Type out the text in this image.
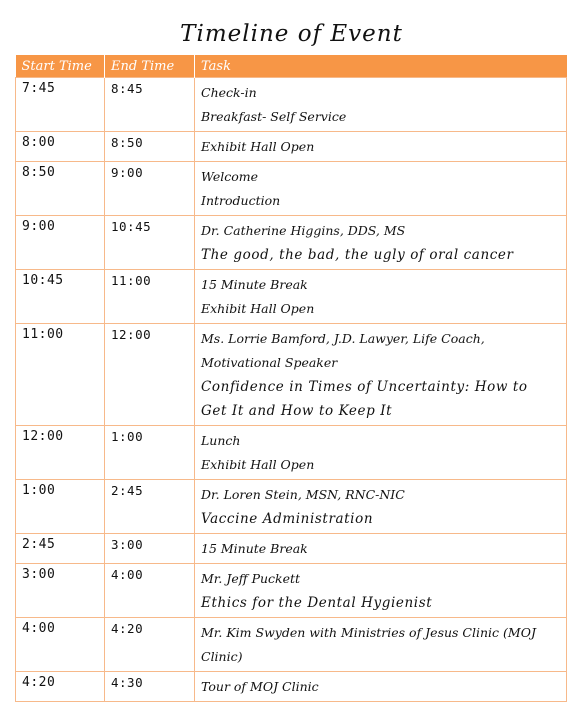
Timeline of Event
Start Time	End Time	Task
7:45	8:45	Check-in
Breakfast- Self Service

8:00	8:50	Exhibit Hall Open

8:50	9:00	Welcome
Introduction

9:00	10:45	Dr. Catherine Higgins, DDS, MS
The good, the bad, the ugly of oral cancer

10:45	11:00	15 Minute Break
Exhibit Hall Open

11:00	12:00	Ms. Lorrie Bamford, J.D. Lawyer, Life Coach,
Motivational Speaker
Confidence in Times of Uncertainty: How to
Get It and How to Keep It

12:00	1:00	Lunch
Exhibit Hall Open

1:00	2:45	Dr. Loren Stein, MSN, RNC-NIC
Vaccine Administration

2:45	3:00	15 Minute Break

3:00	4:00	Mr. Jeff Puckett
Ethics for the Dental Hygienist

4:00	4:20	Mr. Kim Swyden with Ministries of Jesus Clinic (MOJ
Clinic)

4:20	4:30	Tour of MOJ Clinic
